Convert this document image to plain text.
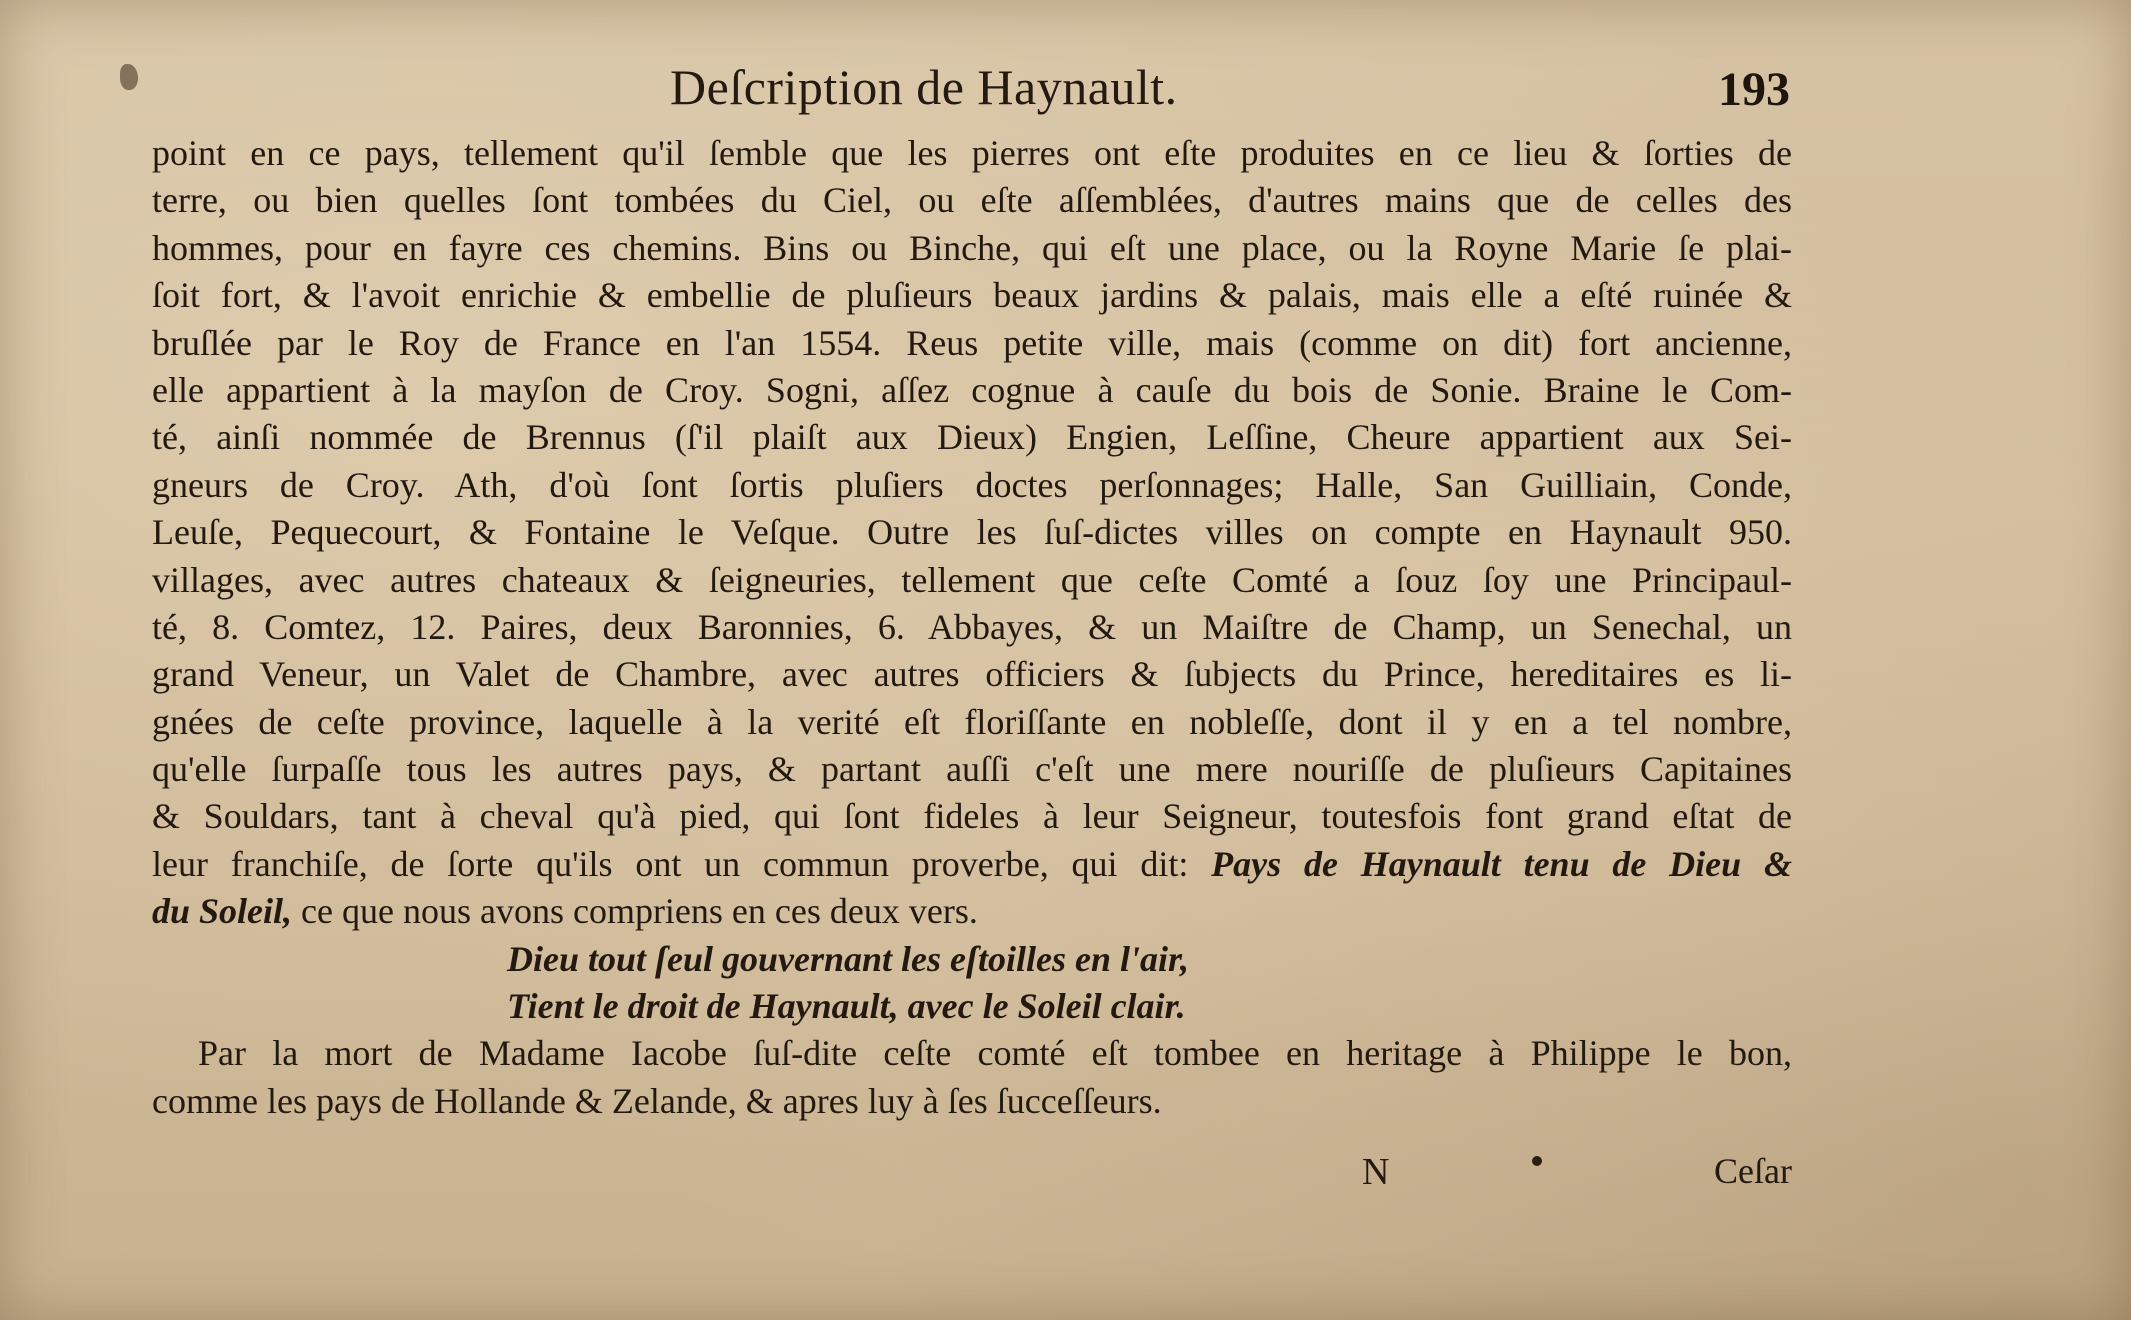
Deſcription de Haynault.	193
point en ce pays, tellement qu'il ſemble que les pierres ont eſte produites en ce lieu & ſorties de
terre, ou bien quelles ſont tombées du Ciel, ou eſte aſſemblées, d'autres mains que de celles des
hommes, pour en fayre ces chemins. Bins ou Binche, qui eſt une place, ou la Royne Marie ſe plai-
ſoit fort, & l'avoit enrichie & embellie de pluſieurs beaux jardins & palais, mais elle a eſté ruinée &
bruſlée par le Roy de France en l'an 1554. Reus petite ville, mais (comme on dit) fort ancienne,
elle appartient à la mayſon de Croy. Sogni, aſſez cognue à cauſe du bois de Sonie. Braine le Com-
té, ainſi nommée de Brennus (ſ'il plaiſt aux Dieux) Engien, Leſſine, Cheure appartient aux Sei-
gneurs de Croy. Ath, d'où ſont ſortis pluſiers doctes perſonnages; Halle, San Guilliain, Conde,
Leuſe, Pequecourt, & Fontaine le Veſque. Outre les ſuſ-dictes villes on compte en Haynault 950.
villages, avec autres chateaux & ſeigneuries, tellement que ceſte Comté a ſouz ſoy une Principaul-
té, 8. Comtez, 12. Paires, deux Baronnies, 6. Abbayes, & un Maiſtre de Champ, un Senechal, un
grand Veneur, un Valet de Chambre, avec autres officiers & ſubjects du Prince, hereditaires es li-
gnées de ceſte province, laquelle à la verité eſt floriſſante en nobleſſe, dont il y en a tel nombre,
qu'elle ſurpaſſe tous les autres pays, & partant auſſi c'eſt une mere nouriſſe de pluſieurs Capitaines
& Souldars, tant à cheval qu'à pied, qui ſont fideles à leur Seigneur, toutesfois font grand eſtat de
leur franchiſe, de ſorte qu'ils ont un commun proverbe, qui dit: Pays de Haynault tenu de Dieu &
du Soleil, ce que nous avons compriens en ces deux vers.
Dieu tout ſeul gouvernant les eſtoilles en l'air,
Tient le droit de Haynault, avec le Soleil clair.
Par la mort de Madame Iacobe ſuſ-dite ceſte comté eſt tombee en heritage à Philippe le bon,
comme les pays de Hollande & Zelande, & apres luy à ſes ſucceſſeurs.
N	Ceſar
